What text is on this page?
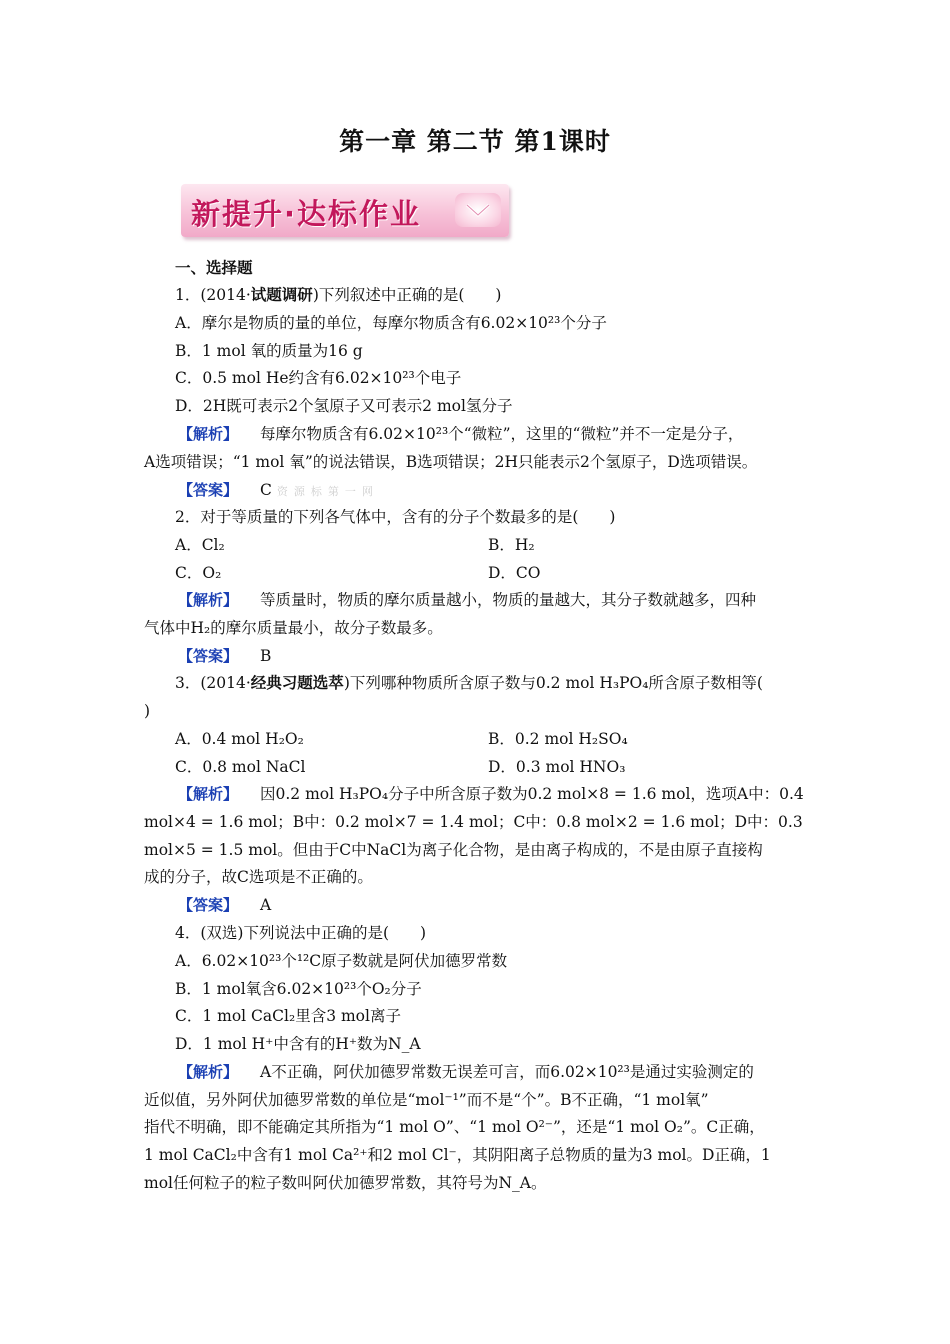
第一章 第二节 第1课时
新提升·达标作业
一、选择题
1．(2014·试题调研)下列叙述中正确的是(　　)
A．摩尔是物质的量的单位，每摩尔物质含有6.02×10²³个分子
B．1 mol 氧的质量为16 g
C．0.5 mol He约含有6.02×10²³个电子
D．2H既可表示2个氢原子又可表示2 mol氢分子
【解析】 每摩尔物质含有6.02×10²³个“微粒”，这里的“微粒”并不一定是分子，
A选项错误；“1 mol 氧”的说法错误，B选项错误；2H只能表示2个氢原子，D选项错误。
【答案】 C 资源标第一网
2．对于等质量的下列各气体中，含有的分子个数最多的是(　　)
A．Cl₂	B．H₂
C．O₂	D．CO
【解析】 等质量时，物质的摩尔质量越小，物质的量越大，其分子数就越多，四种
气体中H₂的摩尔质量最小，故分子数最多。
【答案】 B
3．(2014·经典习题选萃)下列哪种物质所含原子数与0.2 mol H₃PO₄所含原子数相等(
)
A．0.4 mol H₂O₂	B．0.2 mol H₂SO₄
C．0.8 mol NaCl	D．0.3 mol HNO₃
【解析】 因0.2 mol H₃PO₄分子中所含原子数为0.2 mol×8 = 1.6 mol，选项A中：0.4
mol×4 = 1.6 mol；B中：0.2 mol×7 = 1.4 mol；C中：0.8 mol×2 = 1.6 mol；D中：0.3
mol×5 = 1.5 mol。但由于C中NaCl为离子化合物，是由离子构成的，不是由原子直接构
成的分子，故C选项是不正确的。
【答案】 A
4．(双选)下列说法中正确的是(　　)
A．6.02×10²³个¹²C原子数就是阿伏加德罗常数
B．1 mol氧含6.02×10²³个O₂分子
C．1 mol CaCl₂里含3 mol离子
D．1 mol H⁺中含有的H⁺数为N_A
【解析】 A不正确，阿伏加德罗常数无误差可言，而6.02×10²³是通过实验测定的
近似值，另外阿伏加德罗常数的单位是“mol⁻¹”而不是“个”。B不正确，“1 mol氧”
指代不明确，即不能确定其所指为“1 mol O”、“1 mol O²⁻”，还是“1 mol O₂”。C正确，
1 mol CaCl₂中含有1 mol Ca²⁺和2 mol Cl⁻，其阴阳离子总物质的量为3 mol。D正确，1
mol任何粒子的粒子数叫阿伏加德罗常数，其符号为N_A。
